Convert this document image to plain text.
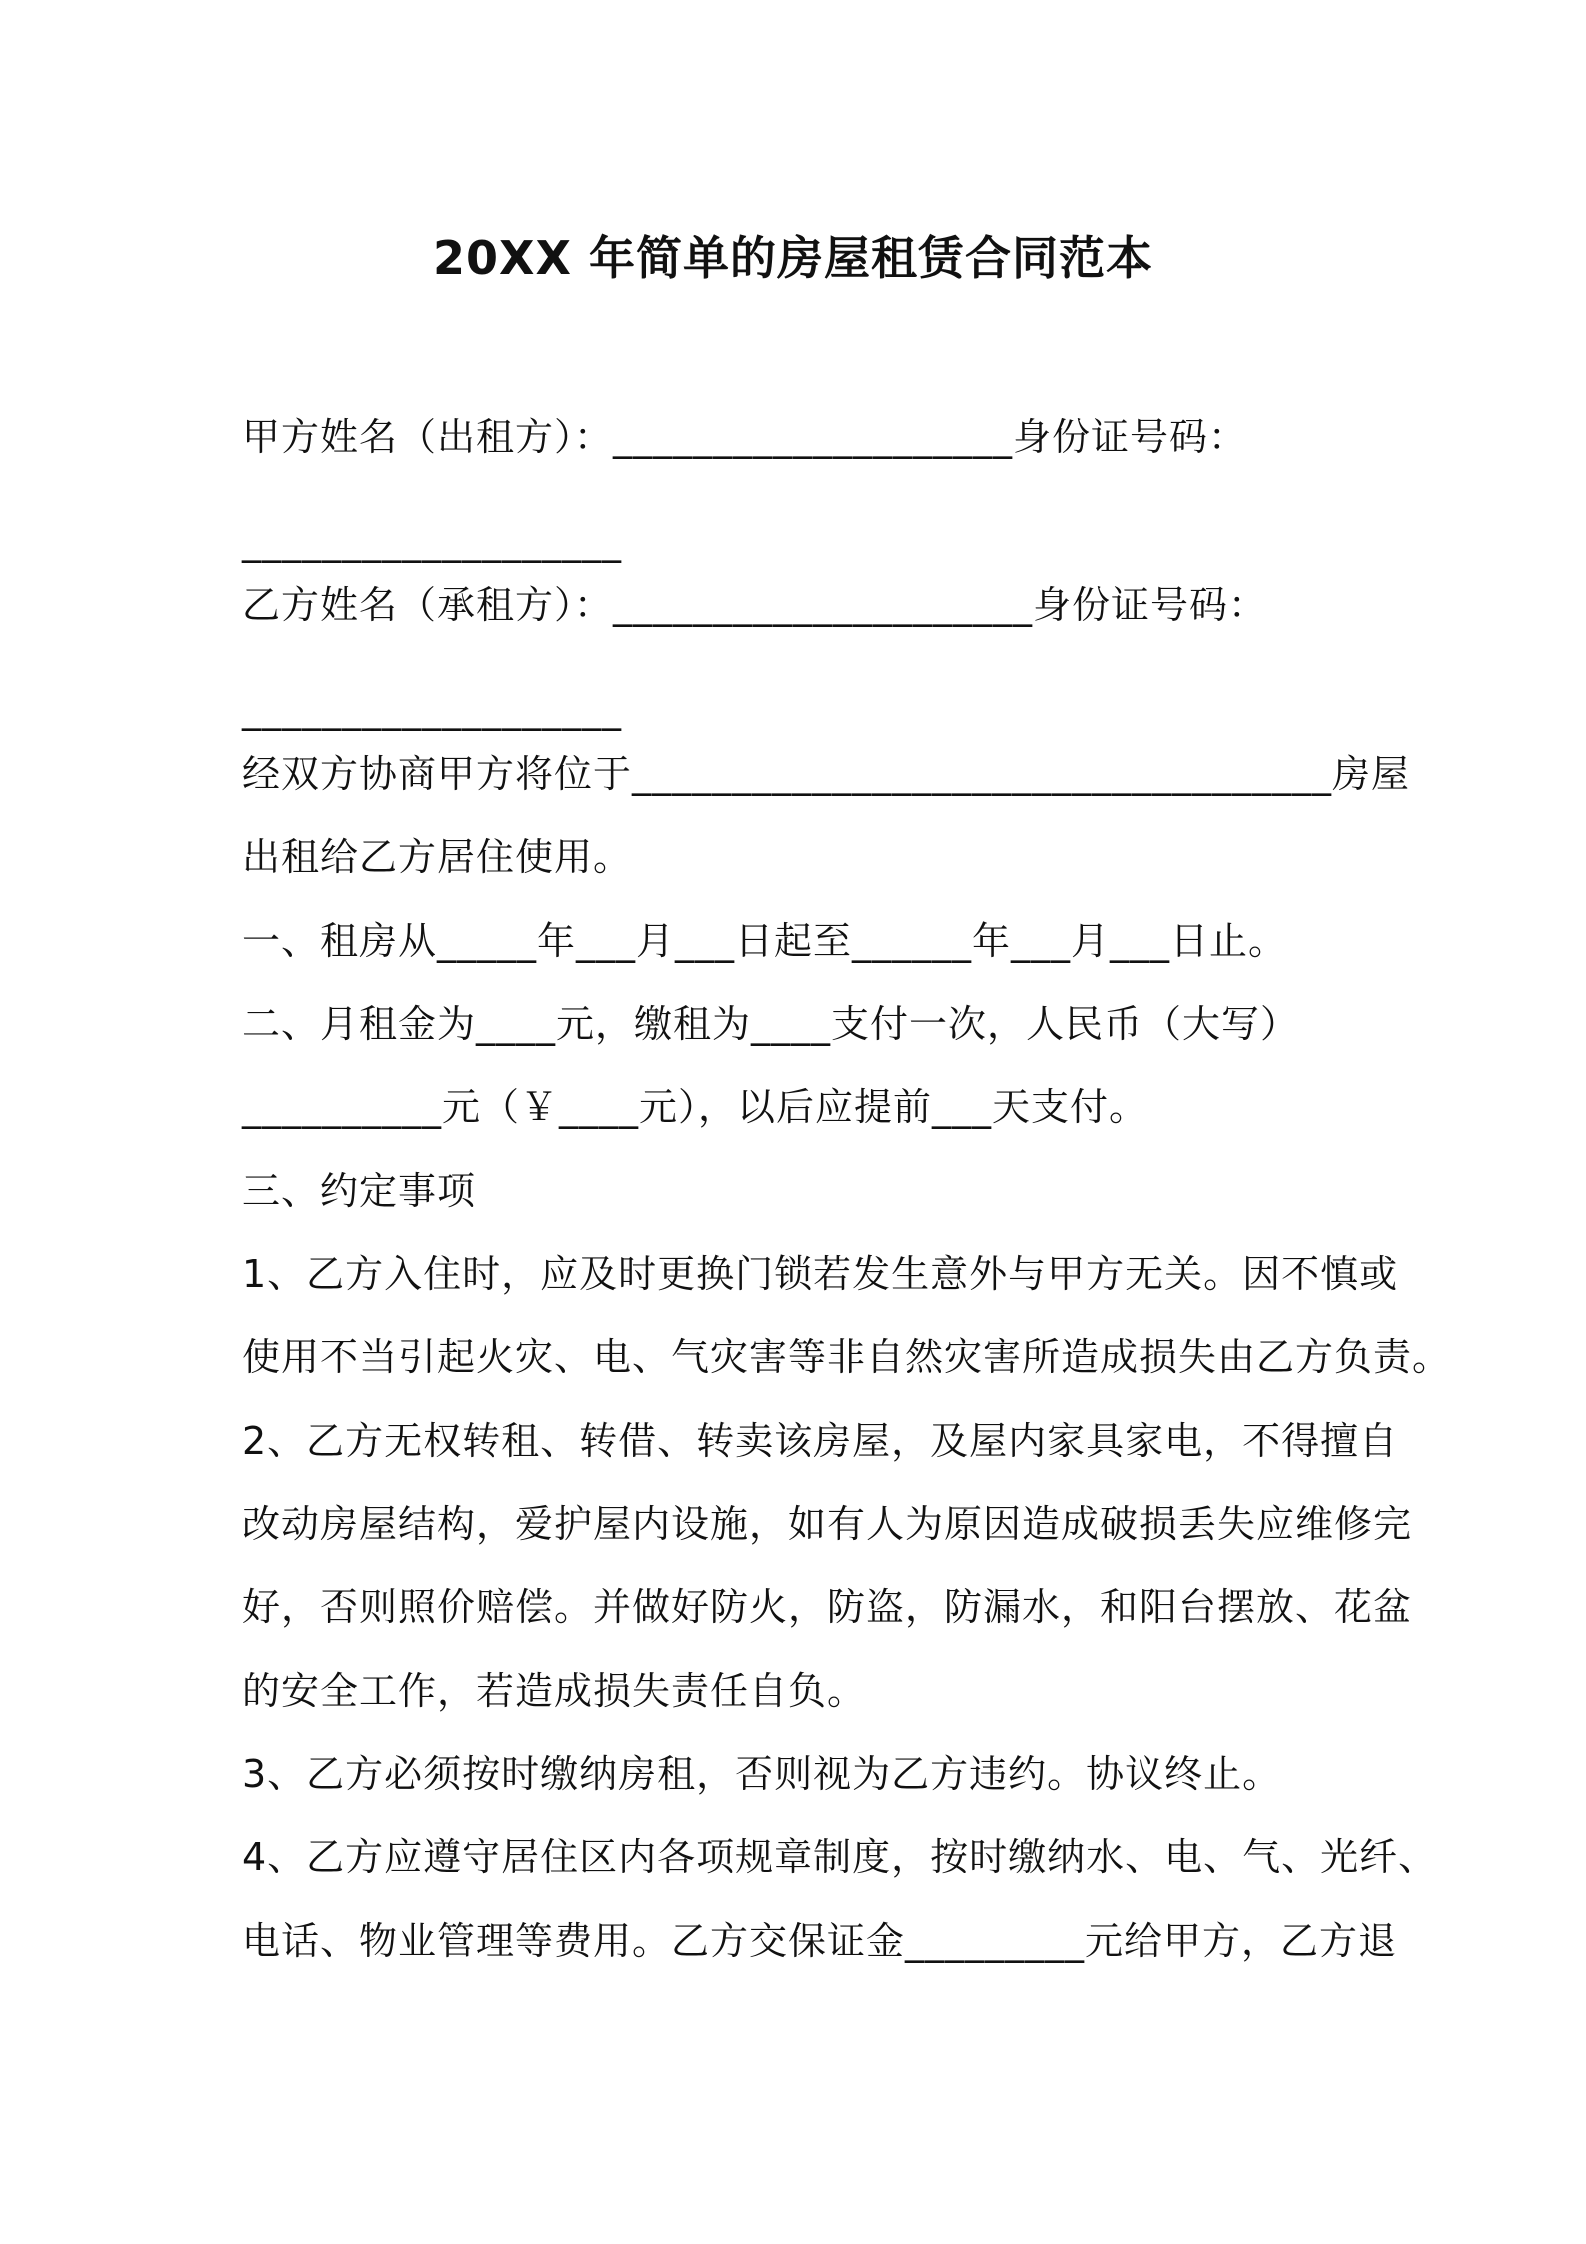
20XX 年简单的房屋租赁合同范本
甲方姓名（出租方）：____________________身份证号码：
___________________
乙方姓名（承租方）：_____________________身份证号码：
___________________
经双方协商甲方将位于___________________________________房屋
出租给乙方居住使用。
一、租房从_____年___月___日起至______年___月___日止。
二、月租金为____元，缴租为____支付一次，人民币（大写）
__________元（￥____元），以后应提前___天支付。
三、约定事项
1、乙方入住时，应及时更换门锁若发生意外与甲方无关。因不慎或
使用不当引起火灾、电、气灾害等非自然灾害所造成损失由乙方负责。
2、乙方无权转租、转借、转卖该房屋，及屋内家具家电，不得擅自
改动房屋结构，爱护屋内设施，如有人为原因造成破损丢失应维修完
好，否则照价赔偿。并做好防火，防盗，防漏水，和阳台摆放、花盆
的安全工作，若造成损失责任自负。
3、乙方必须按时缴纳房租，否则视为乙方违约。协议终止。
4、乙方应遵守居住区内各项规章制度，按时缴纳水、电、气、光纤、
电话、物业管理等费用。乙方交保证金_________元给甲方，乙方退
